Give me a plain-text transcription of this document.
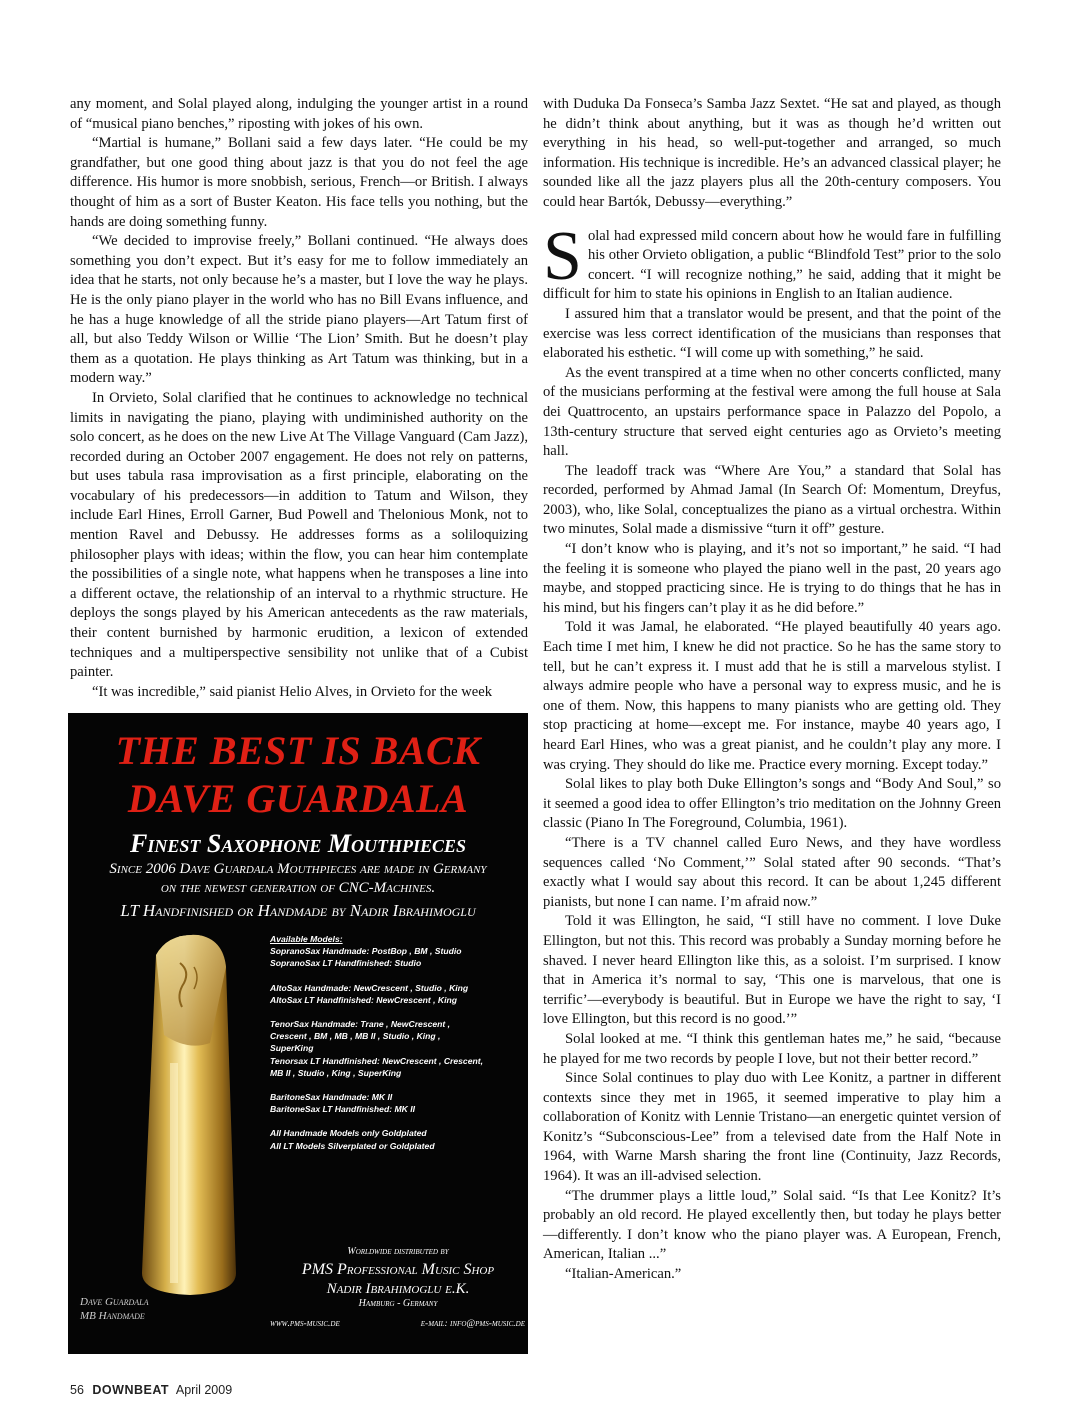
any moment, and Solal played along, indulging the younger artist in a round of “musical piano benches,” riposting with jokes of his own.

“Martial is humane,” Bollani said a few days later. “He could be my grandfather, but one good thing about jazz is that you do not feel the age difference. His humor is more snobbish, serious, French—or British. I always thought of him as a sort of Buster Keaton. His face tells you nothing, but the hands are doing something funny.

“We decided to improvise freely,” Bollani continued. “He always does something you don’t expect. But it’s easy for me to follow immediately an idea that he starts, not only because he’s a master, but I love the way he plays. He is the only piano player in the world who has no Bill Evans influence, and he has a huge knowledge of all the stride piano players—Art Tatum first of all, but also Teddy Wilson or Willie ‘The Lion’ Smith. But he doesn’t play them as a quotation. He plays thinking as Art Tatum was thinking, but in a modern way.”

In Orvieto, Solal clarified that he continues to acknowledge no technical limits in navigating the piano, playing with undiminished authority on the solo concert, as he does on the new Live At The Village Vanguard (Cam Jazz), recorded during an October 2007 engagement. He does not rely on patterns, but uses tabula rasa improvisation as a first principle, elaborating on the vocabulary of his predecessors—in addition to Tatum and Wilson, they include Earl Hines, Erroll Garner, Bud Powell and Thelonious Monk, not to mention Ravel and Debussy. He addresses forms as a soliloquizing philosopher plays with ideas; within the flow, you can hear him contemplate the possibilities of a single note, what happens when he transposes a line into a different octave, the relationship of an interval to a rhythmic structure. He deploys the songs played by his American antecedents as the raw materials, their content burnished by harmonic erudition, a lexicon of extended techniques and a multiperspective sensibility not unlike that of a Cubist painter.

“It was incredible,” said pianist Helio Alves, in Orvieto for the week

with Duduka Da Fonseca’s Samba Jazz Sextet. “He sat and played, as though he didn’t think about anything, but it was as though he’d written out everything in his head, so well-put-together and arranged, so much information. His technique is incredible. He’s an advanced classical player; he sounded like all the jazz players plus all the 20th-century composers. You could hear Bartók, Debussy—everything.”

Solal had expressed mild concern about how he would fare in fulfilling his other Orvieto obligation, a public “Blindfold Test” prior to the solo concert. “I will recognize nothing,” he said, adding that it might be difficult for him to state his opinions in English to an Italian audience.

I assured him that a translator would be present, and that the point of the exercise was less correct identification of the musicians than responses that elaborated his esthetic. “I will come up with something,” he said.

As the event transpired at a time when no other concerts conflicted, many of the musicians performing at the festival were among the full house at Sala dei Quattrocento, an upstairs performance space in Palazzo del Popolo, a 13th-century structure that served eight centuries ago as Orvieto’s meeting hall.

The leadoff track was “Where Are You,” a standard that Solal has recorded, performed by Ahmad Jamal (In Search Of: Momentum, Dreyfus, 2003), who, like Solal, conceptualizes the piano as a virtual orchestra. Within two minutes, Solal made a dismissive “turn it off” gesture.

“I don’t know who is playing, and it’s not so important,” he said. “I had the feeling it is someone who played the piano well in the past, 20 years ago maybe, and stopped practicing since. He is trying to do things that he has in his mind, but his fingers can’t play it as he did before.”

Told it was Jamal, he elaborated. “He played beautifully 40 years ago. Each time I met him, I knew he did not practice. So he has the same story to tell, but he can’t express it. I must add that he is still a marvelous stylist. I always admire people who have a personal way to express music, and he is one of them. Now, this happens to many pianists who are getting old. They stop practicing at home—except me. For instance, maybe 40 years ago, I heard Earl Hines, who was a great pianist, and he couldn’t play any more. I was crying. They should do like me. Practice every morning. Except today.”

Solal likes to play both Duke Ellington’s songs and “Body And Soul,” so it seemed a good idea to offer Ellington’s trio meditation on the Johnny Green classic (Piano In The Foreground, Columbia, 1961).

“There is a TV channel called Euro News, and they have wordless sequences called ‘No Comment,’” Solal stated after 90 seconds. “That’s exactly what I would say about this record. It can be about 1,245 different pianists, but none I can name. I’m afraid now.”

Told it was Ellington, he said, “I still have no comment. I love Duke Ellington, but not this. This record was probably a Sunday morning before he shaved. I never heard Ellington like this, as a soloist. I’m surprised. I know that in America it’s normal to say, ‘This one is marvelous, that one is terrific’—everybody is beautiful. But in Europe we have the right to say, ‘I love Ellington, but this record is no good.’”

Solal looked at me. “I think this gentleman hates me,” he said, “because he played for me two records by people I love, but not their better record.”

Since Solal continues to play duo with Lee Konitz, a partner in different contexts since they met in 1965, it seemed imperative to play him a collaboration of Konitz with Lennie Tristano—an energetic quintet version of Konitz’s “Subconscious-Lee” from a televised date from the Half Note in 1964, with Warne Marsh sharing the front line (Continuity, Jazz Records, 1964). It was an ill-advised selection.

“The drummer plays a little loud,” Solal said. “Is that Lee Konitz? It’s probably an old record. He played excellently then, but today he plays better—differently. I don’t know who the piano player was. A European, French, American, Italian ...”

“Italian-American.”

THE BEST IS BACK
DAVE GUARDALA
Finest Saxophone Mouthpieces
Since 2006 Dave Guardala Mouthpieces are made in Germany
on the newest generation of CNC-Machines.
LT Handfinished or Handmade by Nadir Ibrahimoglu
Available Models:
SopranoSax Handmade: PostBop , BM , Studio
SopranoSax LT Handfinished: Studio
AltoSax Handmade: NewCrescent , Studio , King
AltoSax LT Handfinished: NewCrescent , King
TenorSax Handmade: Trane , NewCrescent ,
Crescent , BM , MB , MB II , Studio , King ,
SuperKing
Tenorsax LT Handfinished: NewCrescent , Crescent,
MB II , Studio , King , SuperKing
BaritoneSax Handmade: MK II
BaritoneSax LT Handfinished: MK II
All Handmade Models only Goldplated
All LT Models Silverplated or Goldplated
Worldwide distributed by
PMS Professional Music Shop
Nadir Ibrahimoglu e.K.
Hamburg - Germany
www.pms-music.de	e-mail: info@pms-music.de
Dave Guardala
MB Handmade
56 DOWNBEAT April 2009
